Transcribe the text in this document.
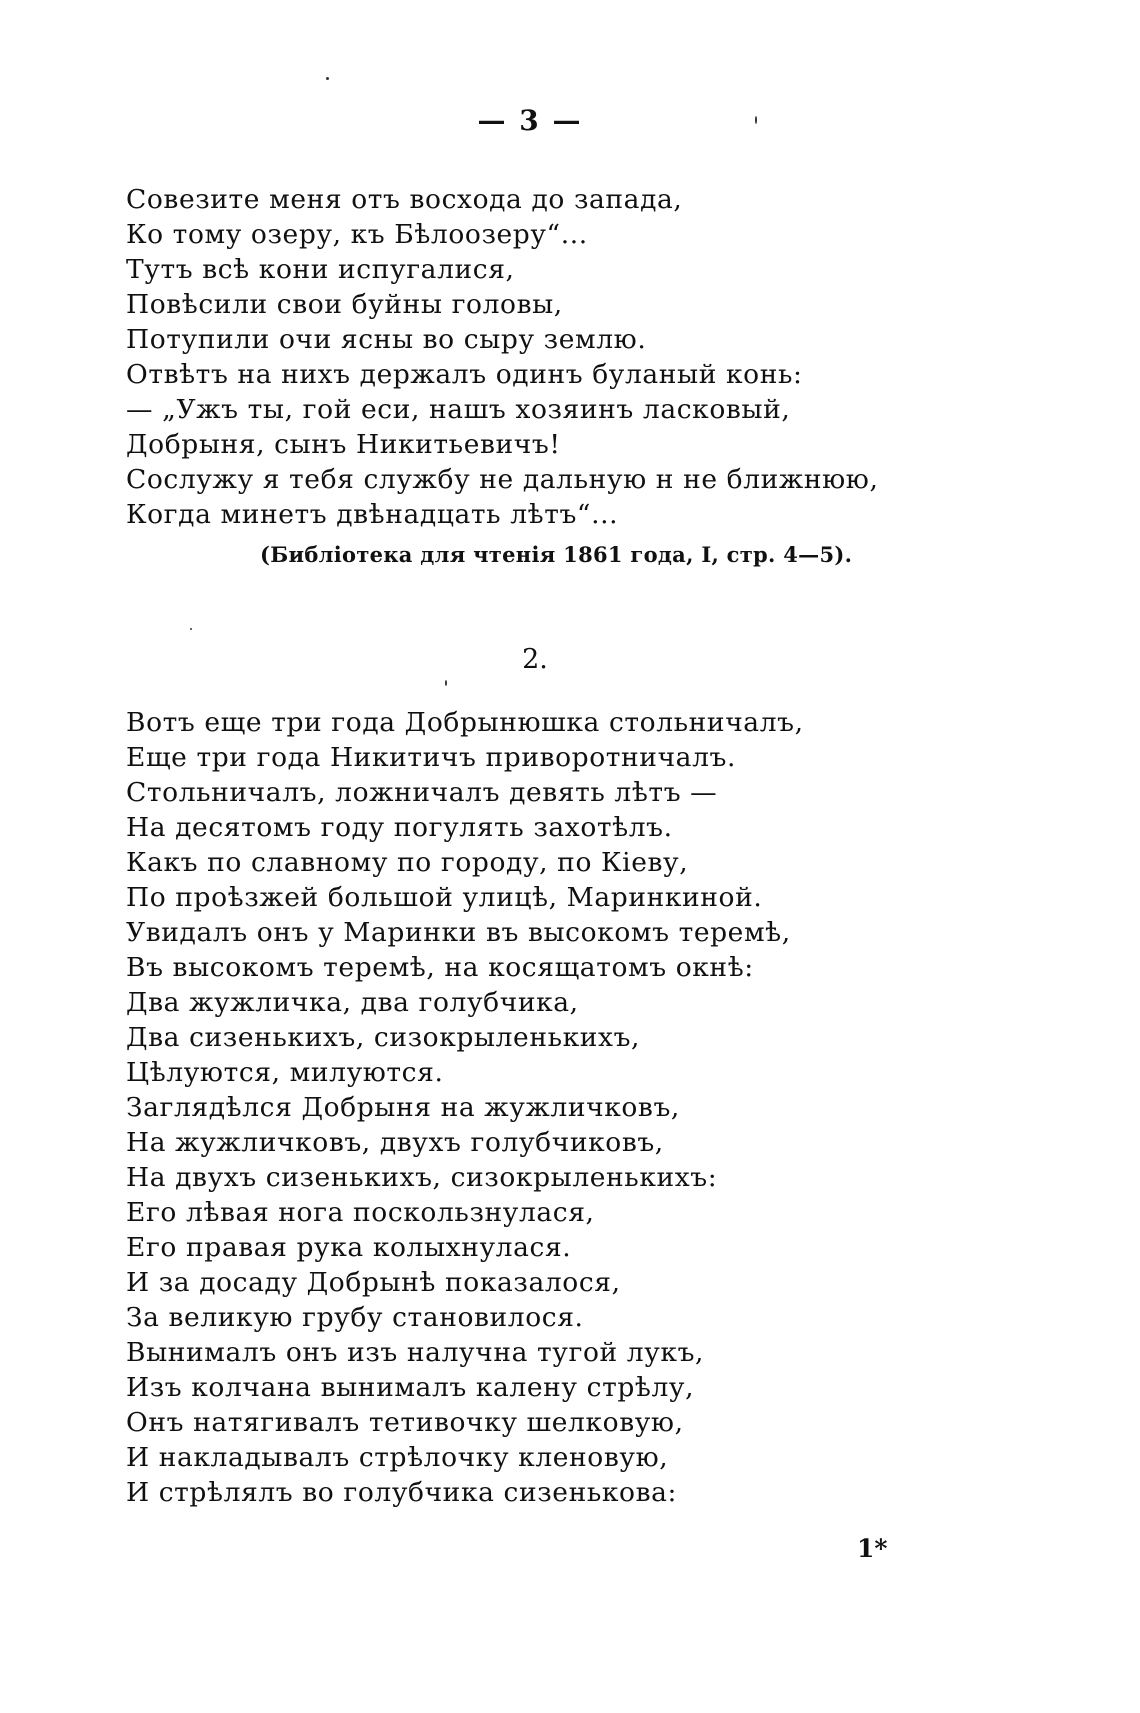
— 3 —
Совезите меня отъ восхода до запада,
Ко тому озеру, къ Бѣлоозеру“...
Тутъ всѣ кони испугалися,
Повѣсили свои буйны головы,
Потупили очи ясны во сыру землю.
Отвѣтъ на нихъ держалъ одинъ буланый конь:
— „Ужъ ты, гой еси, нашъ хозяинъ ласковый,
Добрыня, сынъ Никитьевичъ!
Сослужу я тебя службу не дальную н не ближнюю,
Когда минетъ двѣнадцать лѣтъ“...
(Библіотека для чтенія 1861 года, I, стр. 4—5).
2.
Вотъ еще три года Добрынюшка стольничалъ,
Еще три года Никитичъ приворотничалъ.
Стольничалъ, ложничалъ девять лѣтъ —
На десятомъ году погулять захотѣлъ.
Какъ по славному по городу, по Кіеву,
По проѣзжей большой улицѣ, Маринкиной.
Увидалъ онъ у Маринки въ высокомъ теремѣ,
Въ высокомъ теремѣ, на косящатомъ окнѣ:
Два жужличка, два голубчика,
Два сизенькихъ, сизокрыленькихъ,
Цѣлуются, милуются.
Заглядѣлся Добрыня на жужличковъ,
На жужличковъ, двухъ голубчиковъ,
На двухъ сизенькихъ, сизокрыленькихъ:
Его лѣвая нога поскользнулася,
Его правая рука колыхнулася.
И за досаду Добрынѣ показалося,
За великую грубу становилося.
Вынималъ онъ изъ налучна тугой лукъ,
Изъ колчана вынималъ калену стрѣлу,
Онъ натягивалъ тетивочку шелковую,
И накладывалъ стрѣлочку кленовую,
И стрѣлялъ во голубчика сизенькова:
1*
